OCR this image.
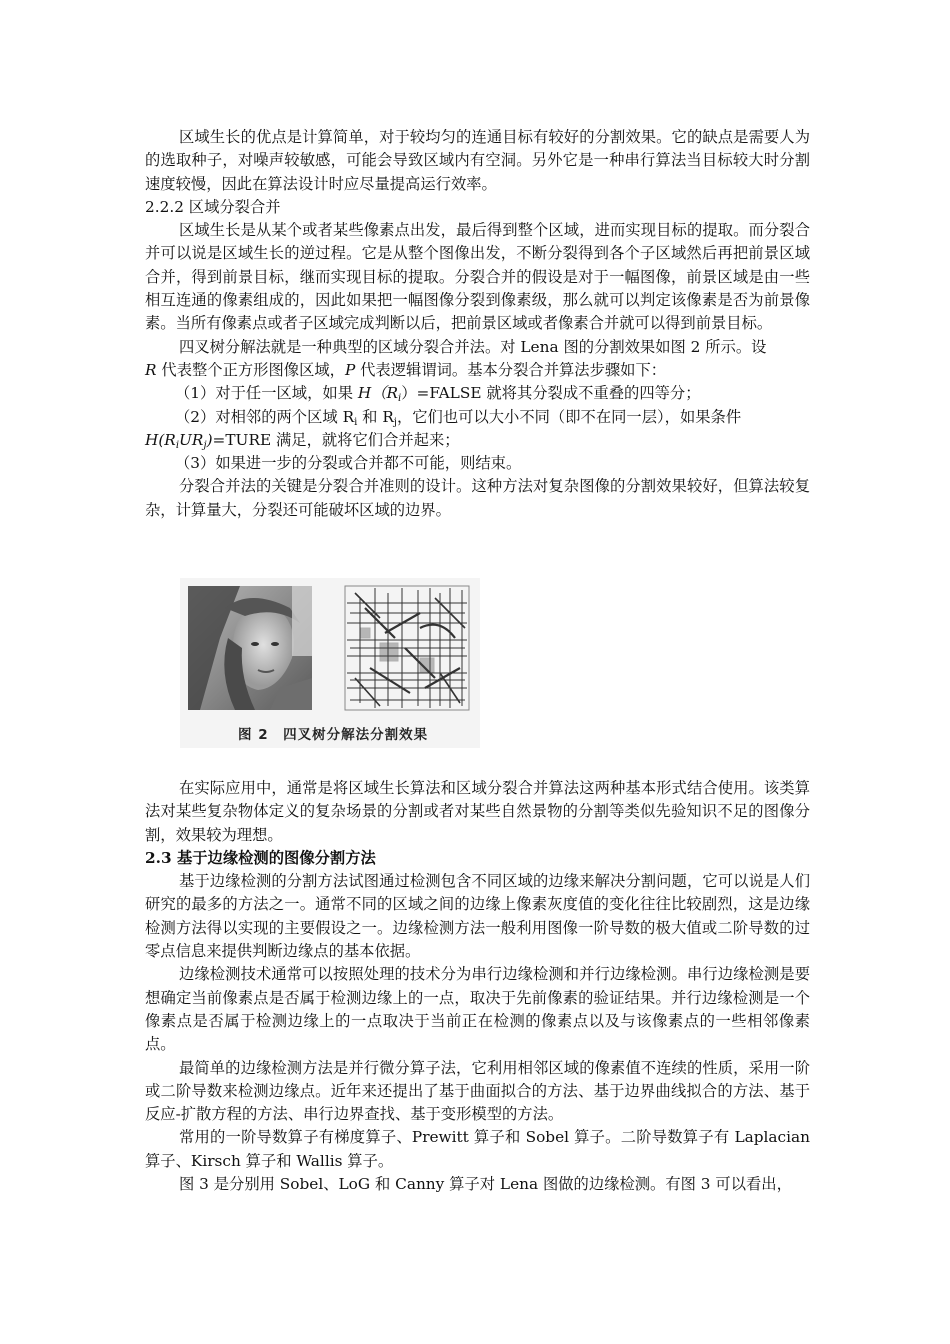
区域生长的优点是计算简单，对于较均匀的连通目标有较好的分割效果。它的缺点是需要人为的选取种子，对噪声较敏感，可能会导致区域内有空洞。另外它是一种串行算法当目标较大时分割速度较慢，因此在算法设计时应尽量提高运行效率。

2.2.2 区域分裂合并

区域生长是从某个或者某些像素点出发，最后得到整个区域，进而实现目标的提取。而分裂合并可以说是区域生长的逆过程。它是从整个图像出发，不断分裂得到各个子区域然后再把前景区域合并，得到前景目标，继而实现目标的提取。分裂合并的假设是对于一幅图像，前景区域是由一些相互连通的像素组成的，因此如果把一幅图像分裂到像素级，那么就可以判定该像素是否为前景像素。当所有像素点或者子区域完成判断以后，把前景区域或者像素合并就可以得到前景目标。

四叉树分解法就是一种典型的区域分裂合并法。对 Lena 图的分割效果如图 2 所示。设
R 代表整个正方形图像区域，P 代表逻辑谓词。基本分裂合并算法步骤如下：

（1）对于任一区域，如果 $H(R_i)=FALSE$ 就将其分裂成不重叠的四等分；

（2）对相邻的两个区域 $R_i$ 和 $R_j$，它们也可以大小不同（即不在同一层），如果条件

$H(R_iUR_j)=TURE$ 满足，就将它们合并起来；

（3）如果进一步的分裂或合并都不可能，则结束。

分裂合并法的关键是分裂合并准则的设计。这种方法对复杂图像的分割效果较好，但算法较复杂，计算量大，分裂还可能破坏区域的边界。

图 2　四叉树分解法分割效果

在实际应用中，通常是将区域生长算法和区域分裂合并算法这两种基本形式结合使用。该类算法对某些复杂物体定义的复杂场景的分割或者对某些自然景物的分割等类似先验知识不足的图像分割，效果较为理想。

2.3 基于边缘检测的图像分割方法

基于边缘检测的分割方法试图通过检测包含不同区域的边缘来解决分割问题，它可以说是人们研究的最多的方法之一。通常不同的区域之间的边缘上像素灰度值的变化往往比较剧烈，这是边缘检测方法得以实现的主要假设之一。边缘检测方法一般利用图像一阶导数的极大值或二阶导数的过零点信息来提供判断边缘点的基本依据。

边缘检测技术通常可以按照处理的技术分为串行边缘检测和并行边缘检测。串行边缘检测是要想确定当前像素点是否属于检测边缘上的一点，取决于先前像素的验证结果。并行边缘检测是一个像素点是否属于检测边缘上的一点取决于当前正在检测的像素点以及与该像素点的一些相邻像素点。

最简单的边缘检测方法是并行微分算子法，它利用相邻区域的像素值不连续的性质，采用一阶或二阶导数来检测边缘点。近年来还提出了基于曲面拟合的方法、基于边界曲线拟合的方法、基于反应-扩散方程的方法、串行边界查找、基于变形模型的方法。

常用的一阶导数算子有梯度算子、Prewitt 算子和 Sobel 算子。二阶导数算子有 Laplacian 算子、Kirsch 算子和 Wallis 算子。

图 3 是分别用 Sobel、LoG 和 Canny 算子对 Lena 图做的边缘检测。有图 3 可以看出，
